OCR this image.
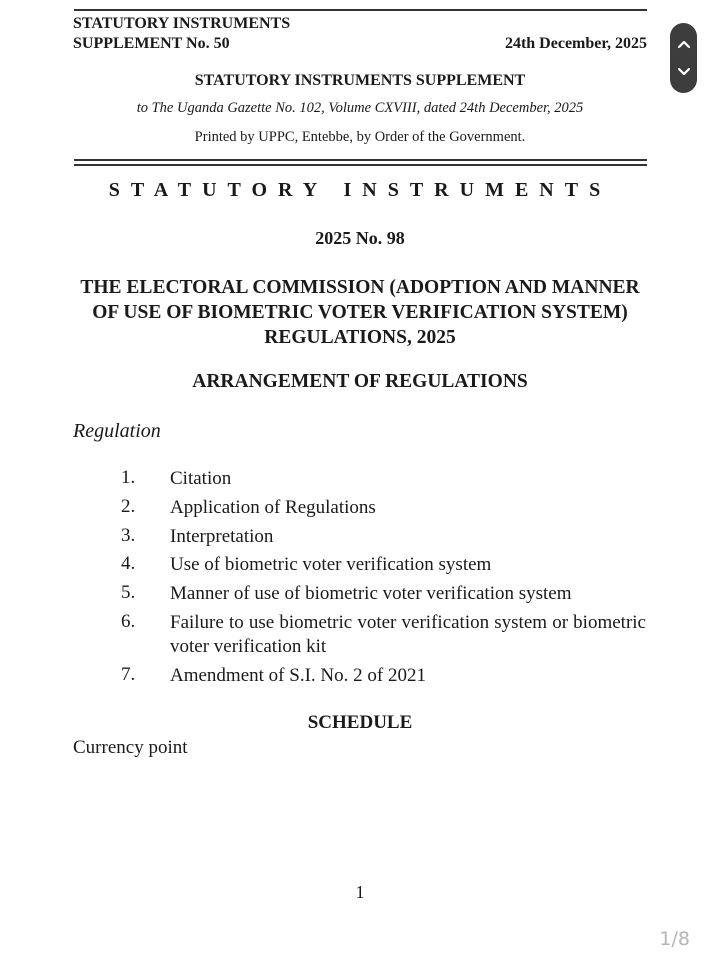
STATUTORY INSTRUMENTS
SUPPLEMENT No. 50	24th December, 2025
STATUTORY INSTRUMENTS SUPPLEMENT
to The Uganda Gazette No. 102, Volume CXVIII, dated 24th December, 2025
Printed by UPPC, Entebbe, by Order of the Government.
STATUTORY INSTRUMENTS
2025 No. 98
THE ELECTORAL COMMISSION (ADOPTION AND MANNER OF USE OF BIOMETRIC VOTER VERIFICATION SYSTEM) REGULATIONS, 2025
ARRANGEMENT OF REGULATIONS
Regulation
1. Citation
2. Application of Regulations
3. Interpretation
4. Use of biometric voter verification system
5. Manner of use of biometric voter verification system
6. Failure to use biometric voter verification system or biometric voter verification kit
7. Amendment of S.I. No. 2 of 2021
SCHEDULE
Currency point
1
1/8
